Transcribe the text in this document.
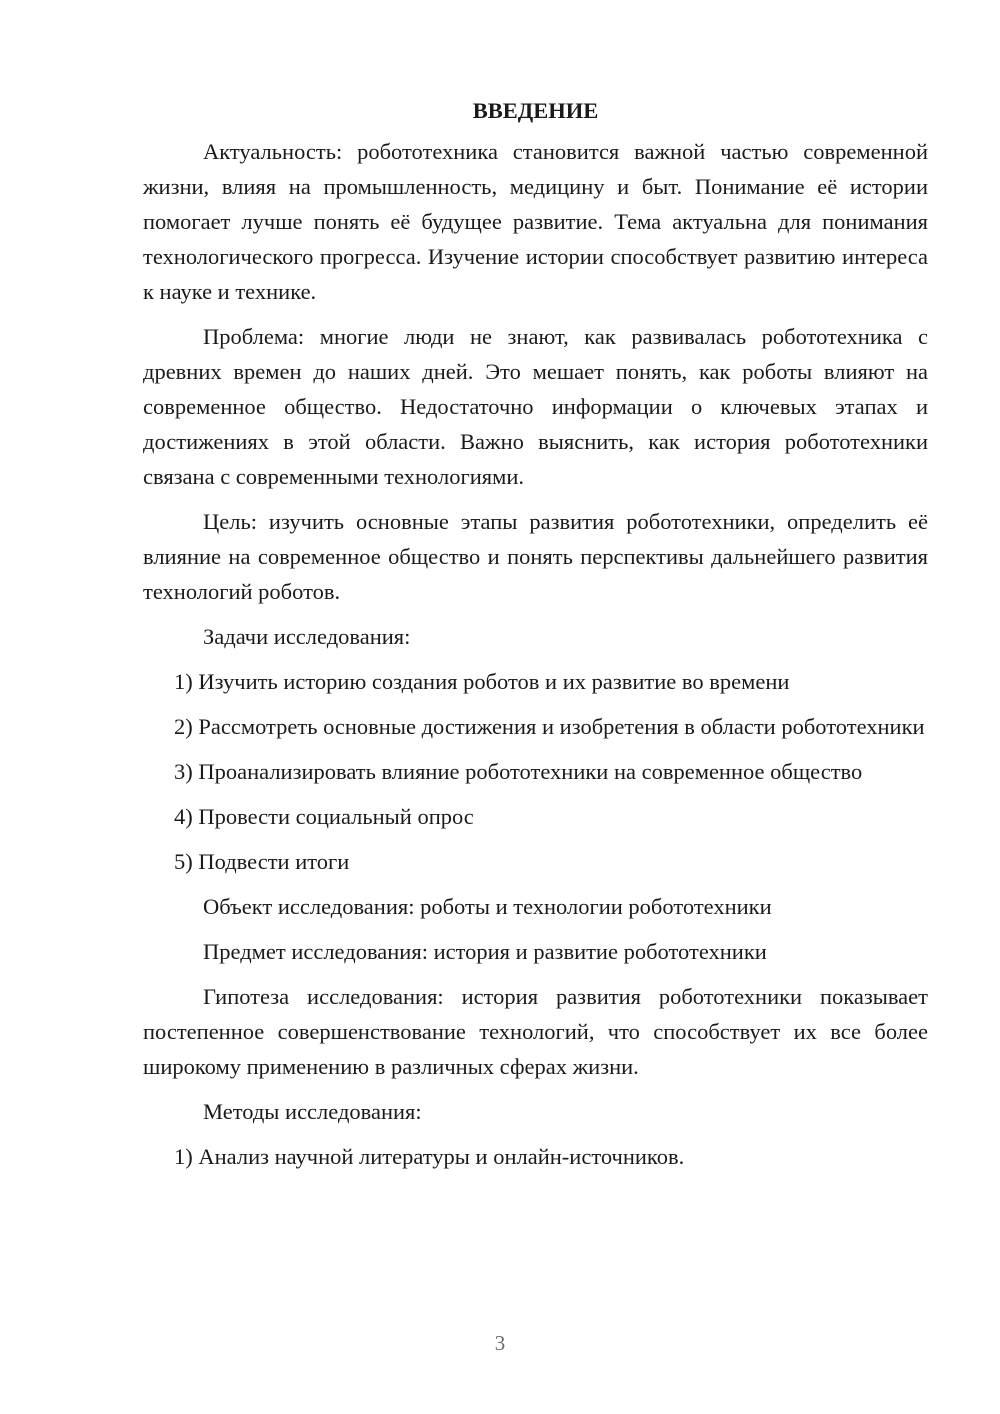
ВВЕДЕНИЕ

Актуальность: робототехника становится важной частью современной жизни, влияя на промышленность, медицину и быт. Понимание её истории помогает лучше понять её будущее развитие. Тема актуальна для понимания технологического прогресса. Изучение истории способствует развитию интереса к науке и технике.

Проблема: многие люди не знают, как развивалась робототехника с древних времен до наших дней. Это мешает понять, как роботы влияют на современное общество. Недостаточно информации о ключевых этапах и достижениях в этой области. Важно выяснить, как история робототехники связана с современными технологиями.

Цель: изучить основные этапы развития робототехники, определить её влияние на современное общество и понять перспективы дальнейшего развития технологий роботов.

Задачи исследования:

1) Изучить историю создания роботов и их развитие во времени

2) Рассмотреть основные достижения и изобретения в области робототехники

3) Проанализировать влияние робототехники на современное общество

4) Провести социальный опрос

5) Подвести итоги

Объект исследования: роботы и технологии робототехники

Предмет исследования: история и развитие робототехники

Гипотеза исследования: история развития робототехники показывает постепенное совершенствование технологий, что способствует их все более широкому применению в различных сферах жизни.

Методы исследования:

1) Анализ научной литературы и онлайн-источников.

3
